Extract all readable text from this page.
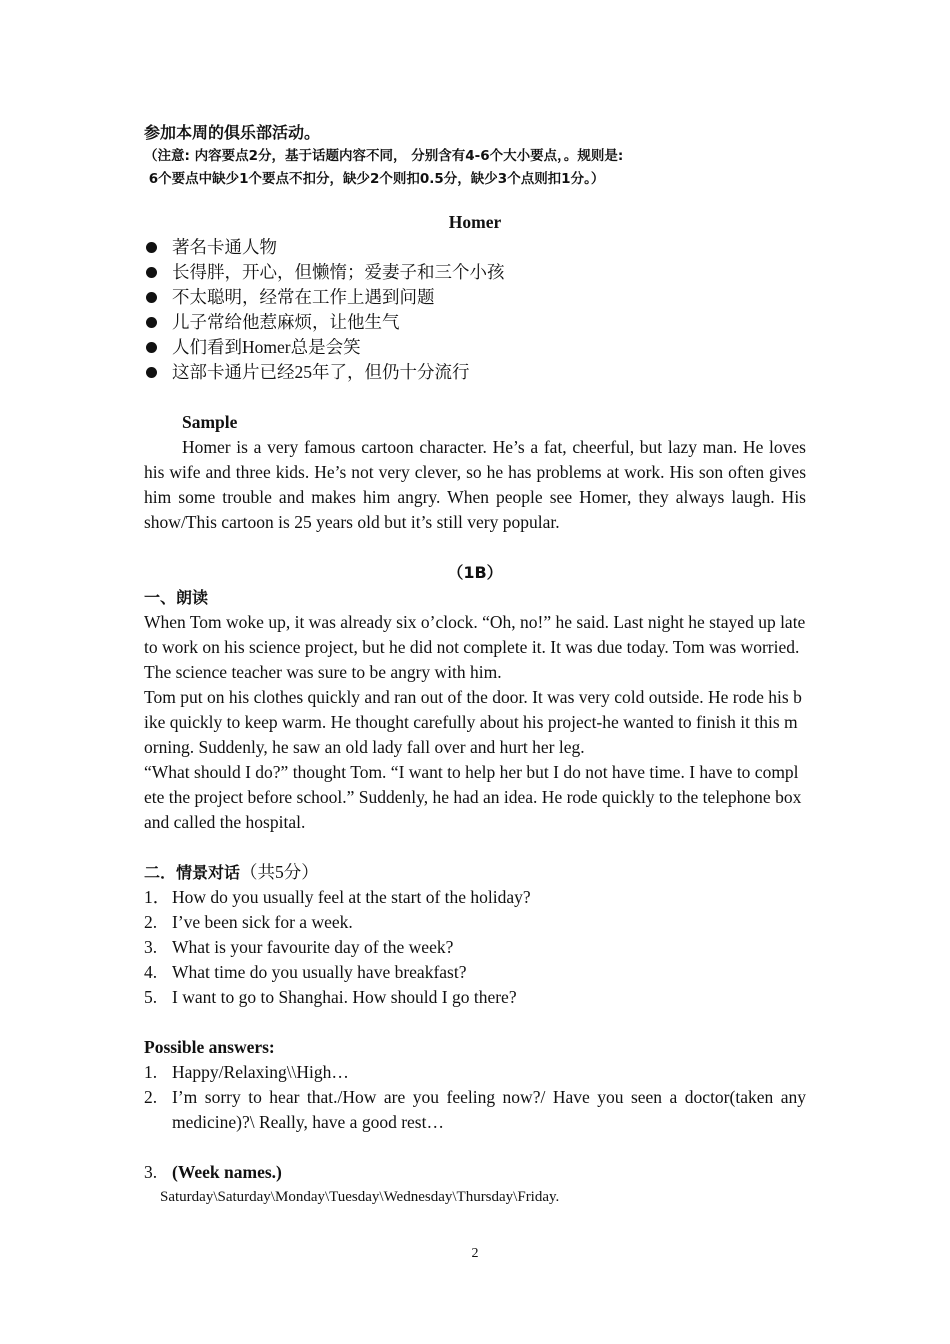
参加本周的俱乐部活动。
（注意: 内容要点2分，基于话题内容不同， 分别含有4-6个大小要点，。规则是:
6个要点中缺少1个要点不扣分，缺少2个则扣0.5分，缺少3个点则扣1分。）
Homer
著名卡通人物
长得胖，开心，但懒惰；爱妻子和三个小孩
不太聪明，经常在工作上遇到问题
儿子常给他惹麻烦，让他生气
人们看到Homer总是会笑
这部卡通片已经25年了，但仍十分流行
Sample
Homer is a very famous cartoon character. He’s a fat, cheerful, but lazy man. He loves his wife and three kids. He’s not very clever, so he has problems at work. His son often gives him some trouble and makes him angry. When people see Homer, they always laugh. His show/This cartoon is 25 years old but it’s still very popular.
（1B）
一、朗读
When Tom woke up, it was already six o’clock. “Oh, no!” he said. Last night he stayed up late to work on his science project, but he did not complete it. It was due today. Tom was worried. The science teacher was sure to be angry with him.
Tom put on his clothes quickly and ran out of the door. It was very cold outside. He rode his bike quickly to keep warm. He thought carefully about his project-he wanted to finish it this morning. Suddenly, he saw an old lady fall over and hurt her leg.
“What should I do?” thought Tom. “I want to help her but I do not have time. I have to complete the project before school.” Suddenly, he had an idea. He rode quickly to the telephone box and called the hospital.
二．情景对话（共5分）
1． How do you usually feel at the start of the holiday?
2. I’ve been sick for a week.
3. What is your favourite day of the week?
4. What time do you usually have breakfast?
5. I want to go to Shanghai. How should I go there?
Possible answers:
1. Happy/Relaxing\\High…
2. I’m sorry to hear that./How are you feeling now?/ Have you seen a doctor(taken any medicine)?\ Really, have a good rest…
3. (Week names.)
Saturday\Saturday\Monday\Tuesday\Wednesday\Thursday\Friday.
2
